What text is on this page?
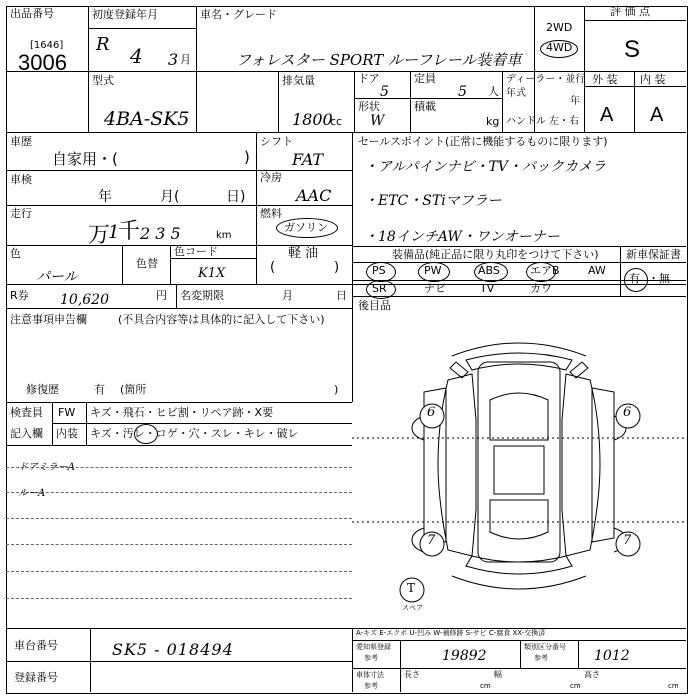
出品番号
[1646]
3006
初度登録年月
R 4 3 月
車名・グレード
フォレスター SPORT ルーフレール装着車
2WD
4WD
評 価 点
S
型式
4BA-SK5
排気量
1800
cc
ドア
5
定員
5 人
形状
W
積載
kg
ディーラー・並行
年式
年
ハンドル 左・右
外 装 内 装
A A
車歴
自家用・(	)
車検
年	月(	日)
走行
万
1
千 2 3 5	km
シフト
FAT
冷房
AAC
燃料
ガソリン
軽 油
(	)
色
パール
色替
色コード
K1X
R券 10,620	円 名変期限	月	日
注意事項申告欄	(不具合内容等は具体的に記入して下さい)
修復歴	有 (箇所	)
検査員
記入欄
FW キズ・飛石・ヒビ割・リペア跡・X要
内装 キズ・汚レ・コゲ・穴・スレ・キレ・破レ
ドアミラーA
ルーA
セールスポイント(正常に機能するものに限ります)
・アルパインナビ・TV・バックカメラ
・ETC・STiマフラー
・18インチAW・ワンオーナー
装備品(純正品に限り丸印をつけて下さい) 新車保証書
PS	PW	ABS	エアB	AW
SR	ナビ	TV	カワ
有 ・無
後目品
6	6
7	7
T
スペア
車台番号	SK5 - 018494
登録番号
A-キズ E-エクボ U-凹み W-補修跡 S-サビ C-腐食 XX-交換済
愛知県登録
参考	19892
類別区分番号
参考	1012
車体寸法
参考
長さ	幅	高さ
cm	cm	cm
